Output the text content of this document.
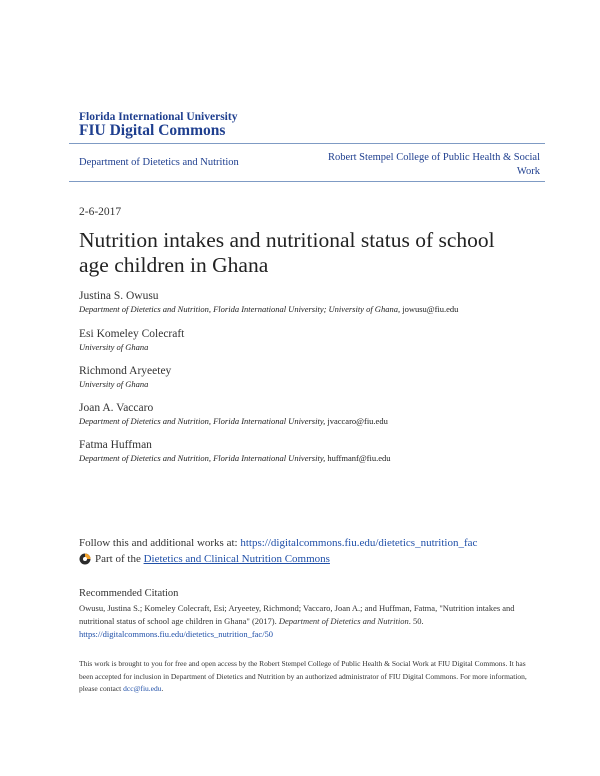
Florida International University
FIU Digital Commons
Department of Dietetics and Nutrition	Robert Stempel College of Public Health & Social
Work
2-6-2017
Nutrition intakes and nutritional status of school
age children in Ghana
Justina S. Owusu
Department of Dietetics and Nutrition, Florida International University; University of Ghana, jowusu@fiu.edu
Esi Komeley Colecraft
University of Ghana
Richmond Aryeetey
University of Ghana
Joan A. Vaccaro
Department of Dietetics and Nutrition, Florida International University, jvaccaro@fiu.edu
Fatma Huffman
Department of Dietetics and Nutrition, Florida International University, huffmanf@fiu.edu
Follow this and additional works at: https://digitalcommons.fiu.edu/dietetics_nutrition_fac
Part of the
Dietetics and Clinical Nutrition Commons
Recommended Citation
Owusu, Justina S.; Komeley Colecraft, Esi; Aryeetey, Richmond; Vaccaro, Joan A.; and Huffman, Fatma, "Nutrition intakes and
nutritional status of school age children in Ghana" (2017). Department of Dietetics and Nutrition. 50.
https://digitalcommons.fiu.edu/dietetics_nutrition_fac/50
This work is brought to you for free and open access by the Robert Stempel College of Public Health & Social Work at FIU Digital Commons. It has
been accepted for inclusion in Department of Dietetics and Nutrition by an authorized administrator of FIU Digital Commons. For more information,
please contact dcc@fiu.edu.
